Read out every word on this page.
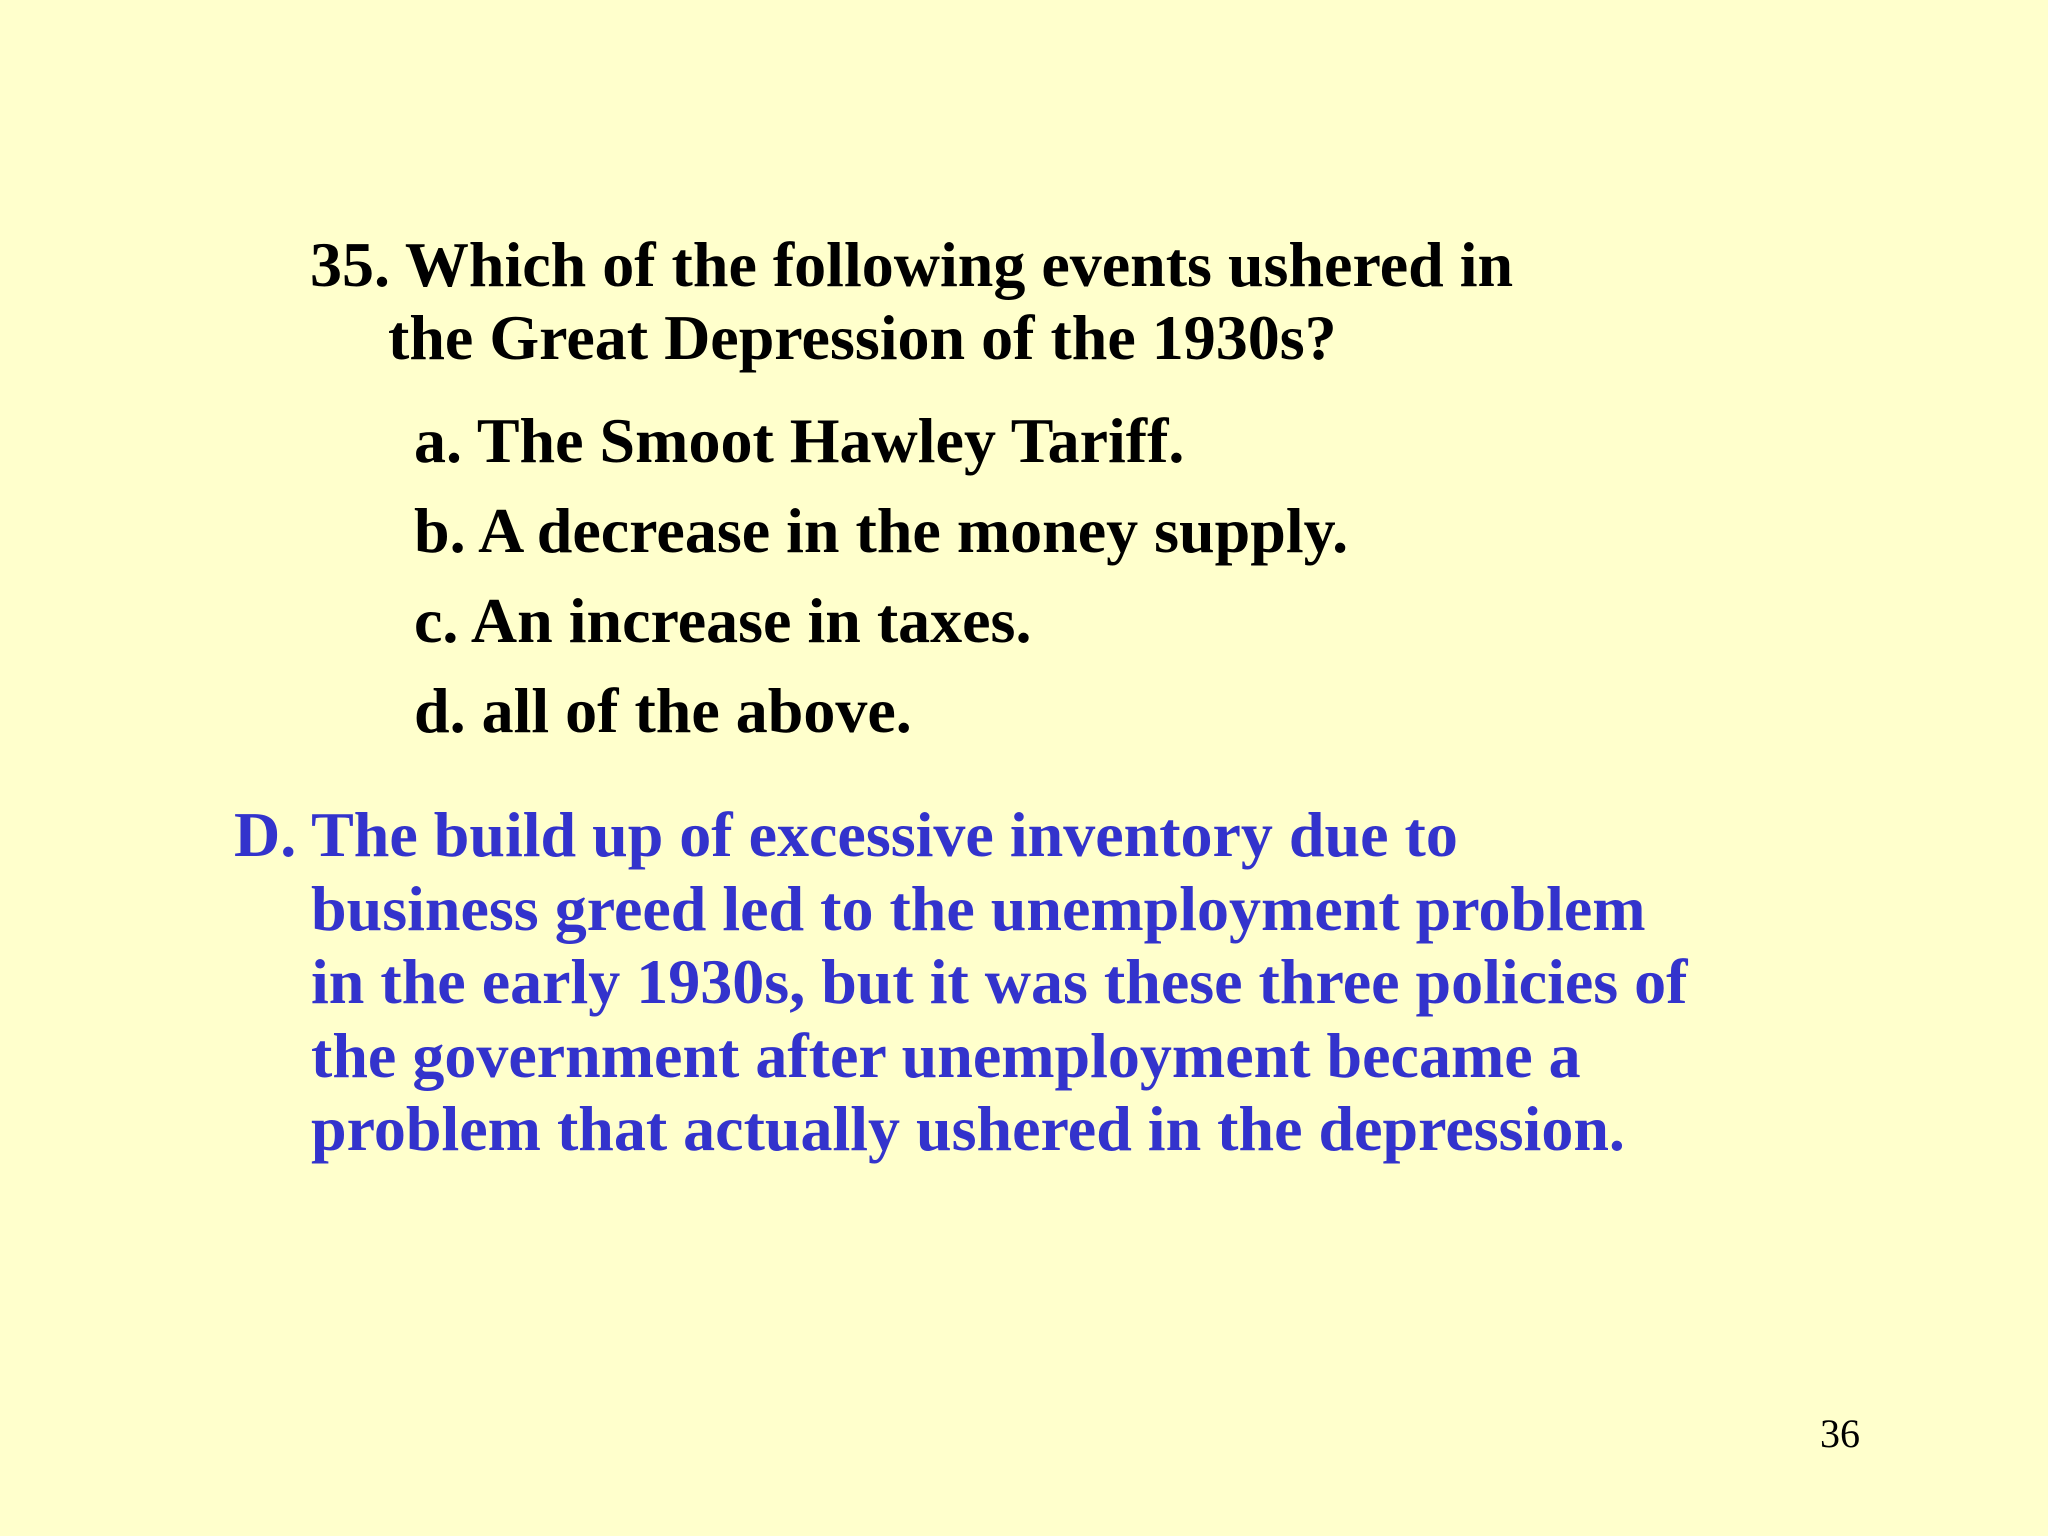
35. Which of the following events ushered in
the Great Depression of the 1930s?
a. The Smoot Hawley Tariff.
b. A decrease in the money supply.
c. An increase in taxes.
d. all of the above.
D. The build up of excessive inventory due to
business greed led to the unemployment problem
in the early 1930s, but it was these three policies of
the government after unemployment became a
problem that actually ushered in the depression.
36
